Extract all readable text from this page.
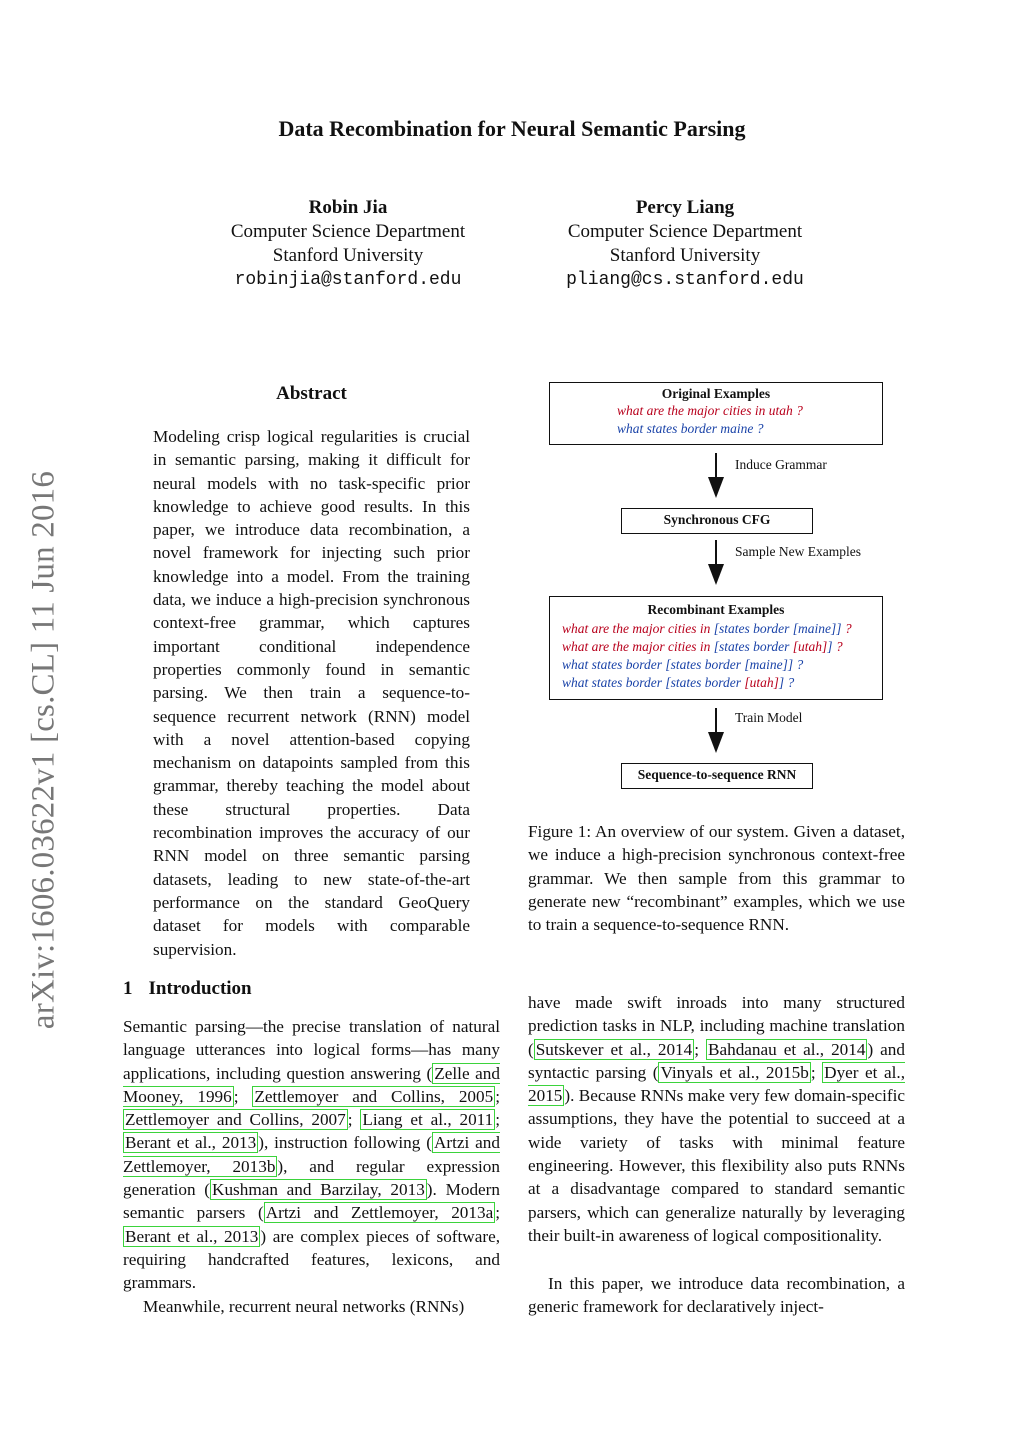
Data Recombination for Neural Semantic Parsing
Robin Jia
Computer Science Department
Stanford University
robinjia@stanford.edu
Percy Liang
Computer Science Department
Stanford University
pliang@cs.stanford.edu
arXiv:1606.03622v1 [cs.CL] 11 Jun 2016
Abstract
Modeling crisp logical regularities is crucial in semantic parsing, making it difficult for neural models with no task-specific prior knowledge to achieve good results. In this paper, we introduce data recombination, a novel framework for injecting such prior knowledge into a model. From the training data, we induce a high-precision synchronous context-free grammar, which captures important conditional independence properties commonly found in semantic parsing. We then train a sequence-to-sequence recurrent network (RNN) model with a novel attention-based copying mechanism on datapoints sampled from this grammar, thereby teaching the model about these structural properties. Data recombination improves the accuracy of our RNN model on three semantic parsing datasets, leading to new state-of-the-art performance on the standard GeoQuery dataset for models with comparable supervision.
Original Examples
what are the major cities in utah ?
what states border maine ?
Induce Grammar
Synchronous CFG
Sample New Examples
Recombinant Examples
what are the major cities in [states border [maine]] ?
what are the major cities in [states border [utah]] ?
what states border [states border [maine]] ?
what states border [states border [utah]] ?
Train Model
Sequence-to-sequence RNN
Figure 1: An overview of our system. Given a dataset, we induce a high-precision synchronous context-free grammar. We then sample from this grammar to generate new “recombinant” examples, which we use to train a sequence-to-sequence RNN.
1 Introduction
Semantic parsing—the precise translation of natural language utterances into logical forms—has many applications, including question answering ( Zelle and Mooney, 1996 ; Zettlemoyer and Collins, 2005 ; Zettlemoyer and Collins, 2007 ; Liang et al., 2011 ; Berant et al., 2013 ), instruction following ( Artzi and Zettlemoyer, 2013b ), and regular expression generation ( Kushman and Barzilay, 2013 ). Modern semantic parsers ( Artzi and Zettlemoyer, 2013a ; Berant et al., 2013 ) are complex pieces of software, requiring handcrafted features, lexicons, and grammars.
Meanwhile, recurrent neural networks (RNNs)
have made swift inroads into many structured prediction tasks in NLP, including machine translation ( Sutskever et al., 2014 ; Bahdanau et al., 2014 ) and syntactic parsing ( Vinyals et al., 2015b ; Dyer et al., 2015 ). Because RNNs make very few domain-specific assumptions, they have the potential to succeed at a wide variety of tasks with minimal feature engineering. However, this flexibility also puts RNNs at a disadvantage compared to standard semantic parsers, which can generalize naturally by leveraging their built-in awareness of logical compositionality.
In this paper, we introduce data recombination, a generic framework for declaratively inject-
